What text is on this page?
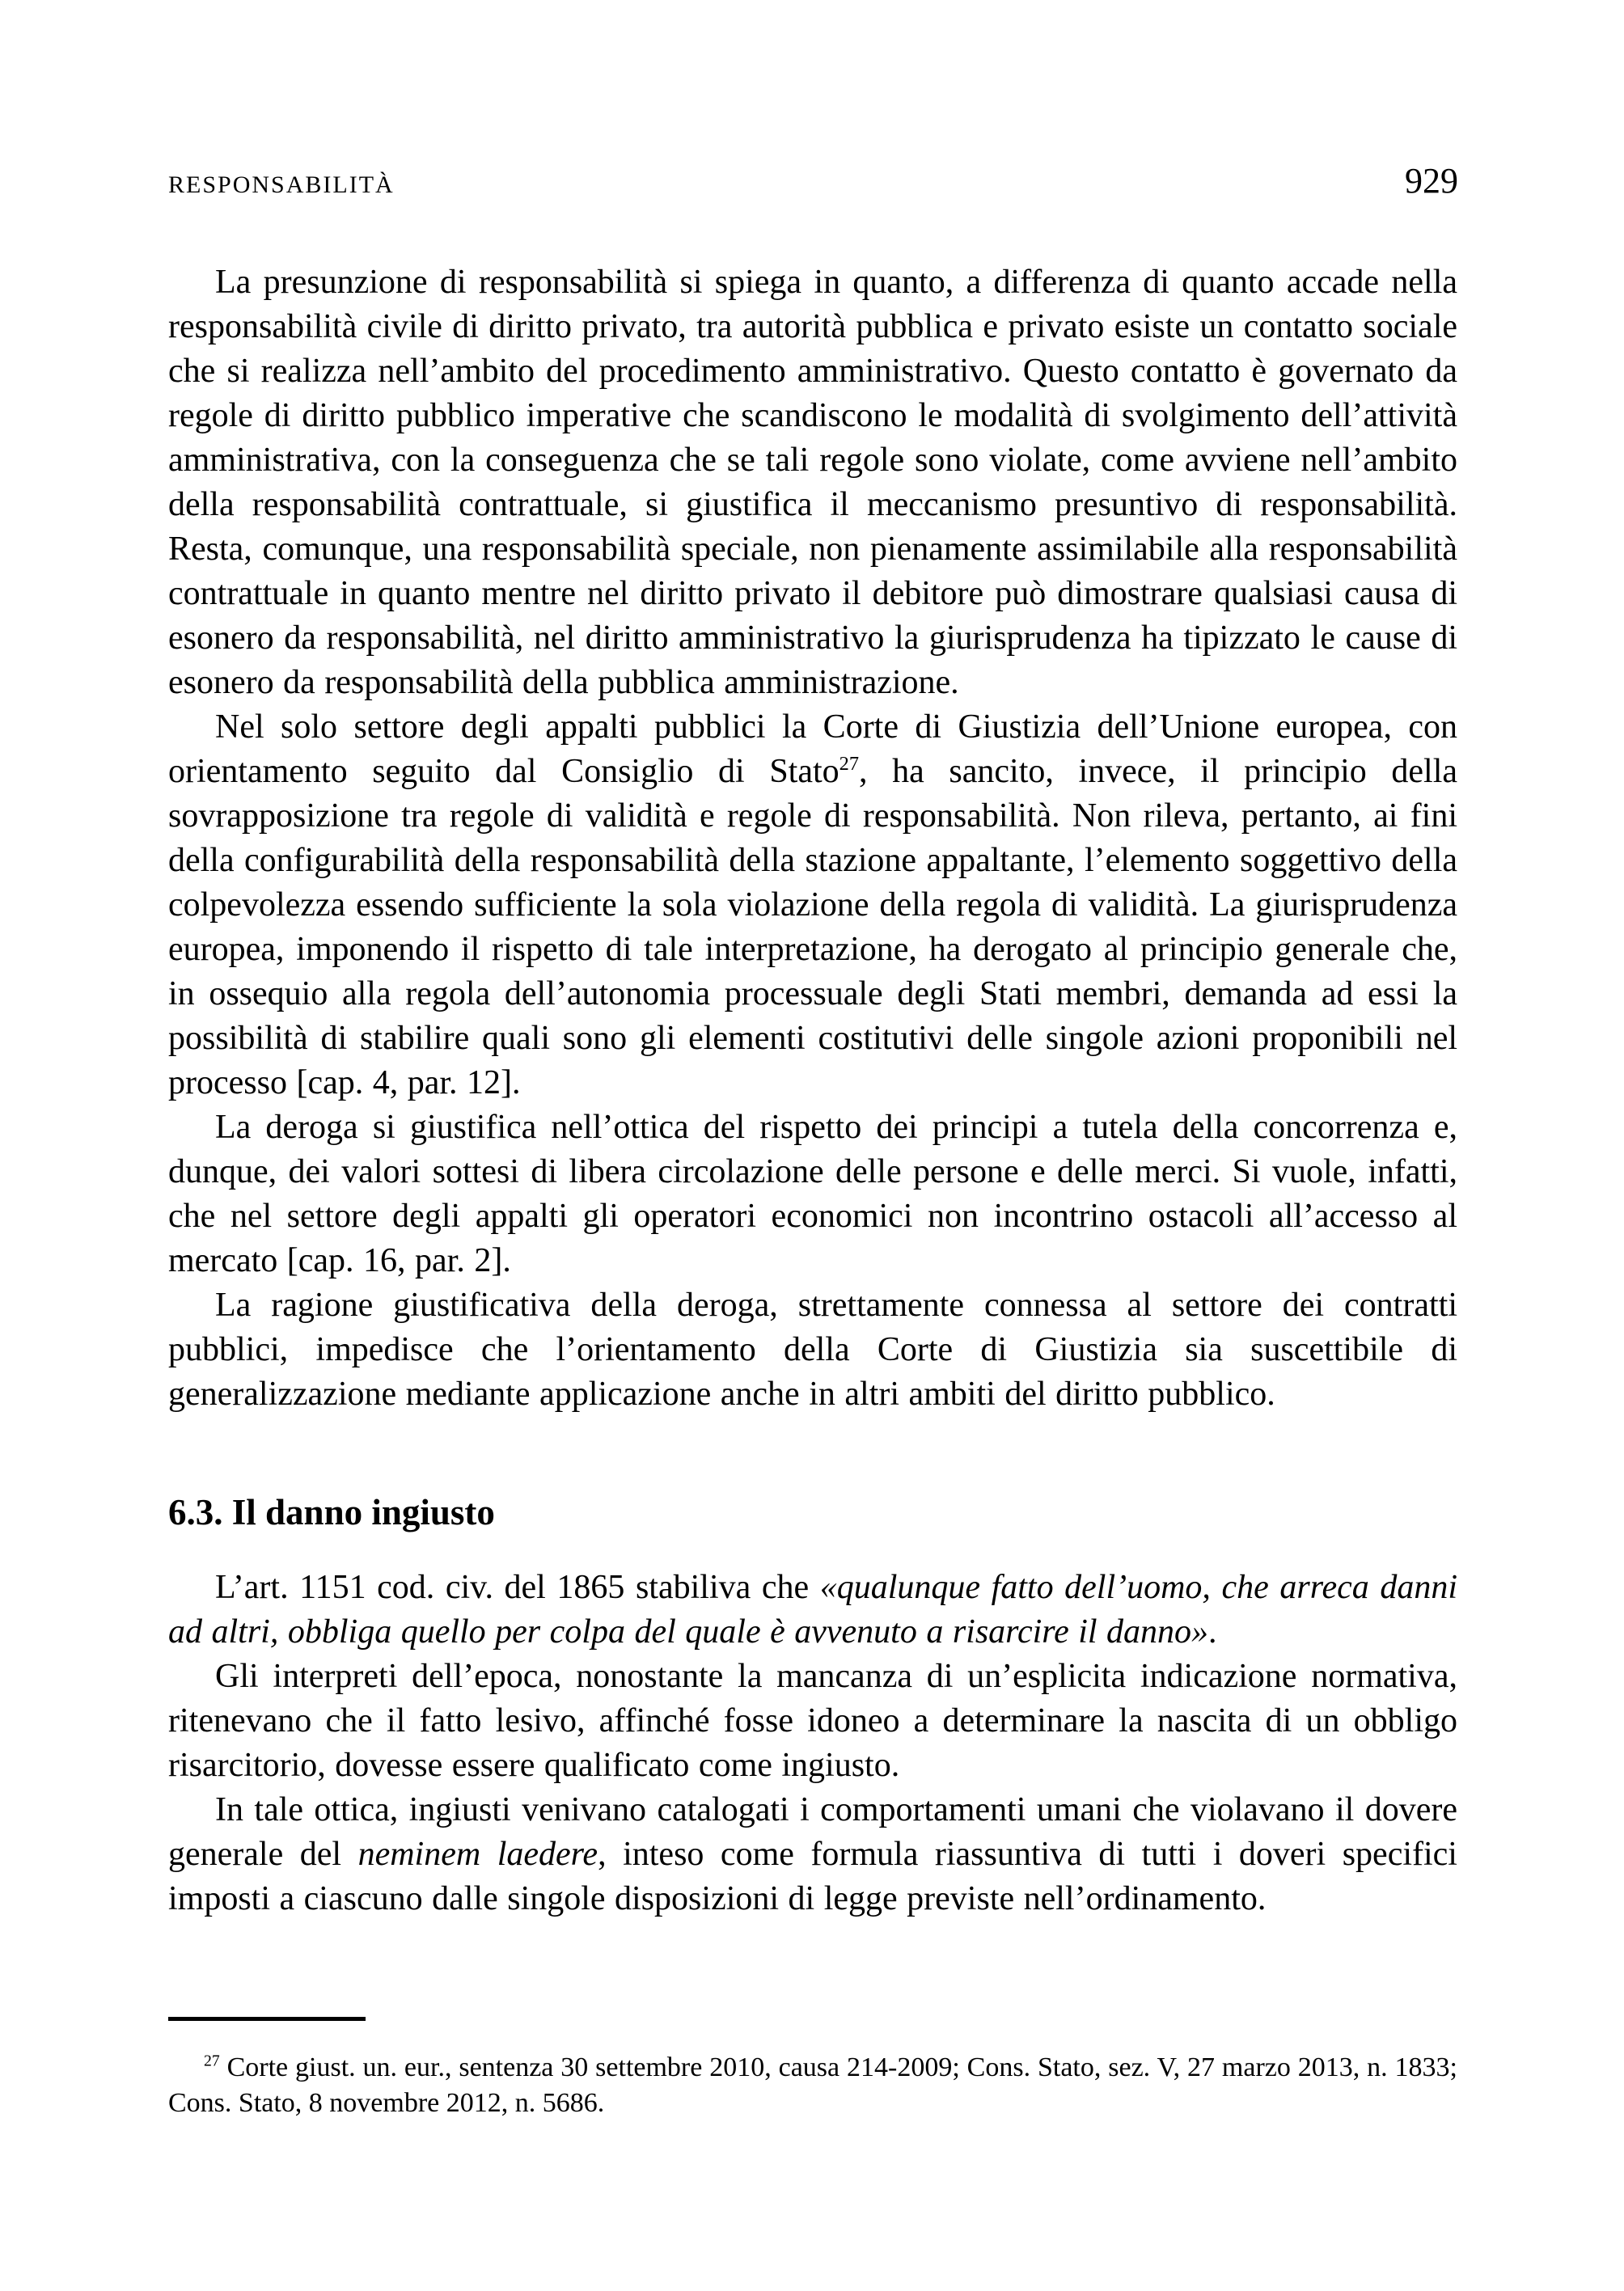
RESPONSABILITÀ	929

La presunzione di responsabilità si spiega in quanto, a differenza di quanto accade nella responsabilità civile di diritto privato, tra autorità pubblica e privato esiste un contatto sociale che si realizza nell’ambito del procedimento amministrativo. Questo contatto è governato da regole di diritto pubblico imperative che scandiscono le modalità di svolgimento dell’attività amministrativa, con la conseguenza che se tali regole sono violate, come avviene nell’ambito della responsabilità contrattuale, si giustifica il meccanismo presuntivo di responsabilità. Resta, comunque, una responsabilità speciale, non pienamente assimilabile alla responsabilità contrattuale in quanto mentre nel diritto privato il debitore può dimostrare qualsiasi causa di esonero da responsabilità, nel diritto amministrativo la giurisprudenza ha tipizzato le cause di esonero da responsabilità della pubblica amministrazione.

Nel solo settore degli appalti pubblici la Corte di Giustizia dell’Unione europea, con orientamento seguito dal Consiglio di Stato$^{27}$, ha sancito, invece, il principio della sovrapposizione tra regole di validità e regole di responsabilità. Non rileva, pertanto, ai fini della configurabilità della responsabilità della stazione appaltante, l’elemento soggettivo della colpevolezza essendo sufficiente la sola violazione della regola di validità. La giurisprudenza europea, imponendo il rispetto di tale interpretazione, ha derogato al principio generale che, in ossequio alla regola dell’autonomia processuale degli Stati membri, demanda ad essi la possibilità di stabilire quali sono gli elementi costitutivi delle singole azioni proponibili nel processo [cap. 4, par. 12].

La deroga si giustifica nell’ottica del rispetto dei principi a tutela della concorrenza e, dunque, dei valori sottesi di libera circolazione delle persone e delle merci. Si vuole, infatti, che nel settore degli appalti gli operatori economici non incontrino ostacoli all’accesso al mercato [cap. 16, par. 2].

La ragione giustificativa della deroga, strettamente connessa al settore dei contratti pubblici, impedisce che l’orientamento della Corte di Giustizia sia suscettibile di generalizzazione mediante applicazione anche in altri ambiti del diritto pubblico.

6.3. Il danno ingiusto

L’art. 1151 cod. civ. del 1865 stabiliva che «qualunque fatto dell’uomo, che arreca danni ad altri, obbliga quello per colpa del quale è avvenuto a risarcire il danno».

Gli interpreti dell’epoca, nonostante la mancanza di un’esplicita indicazione normativa, ritenevano che il fatto lesivo, affinché fosse idoneo a determinare la nascita di un obbligo risarcitorio, dovesse essere qualificato come ingiusto.

In tale ottica, ingiusti venivano catalogati i comportamenti umani che violavano il dovere generale del neminem laedere, inteso come formula riassuntiva di tutti i doveri specifici imposti a ciascuno dalle singole disposizioni di legge previste nell’ordinamento.

$^{27}$ Corte giust. un. eur., sentenza 30 settembre 2010, causa 214-2009; Cons. Stato, sez. V, 27 marzo 2013, n. 1833; Cons. Stato, 8 novembre 2012, n. 5686.
